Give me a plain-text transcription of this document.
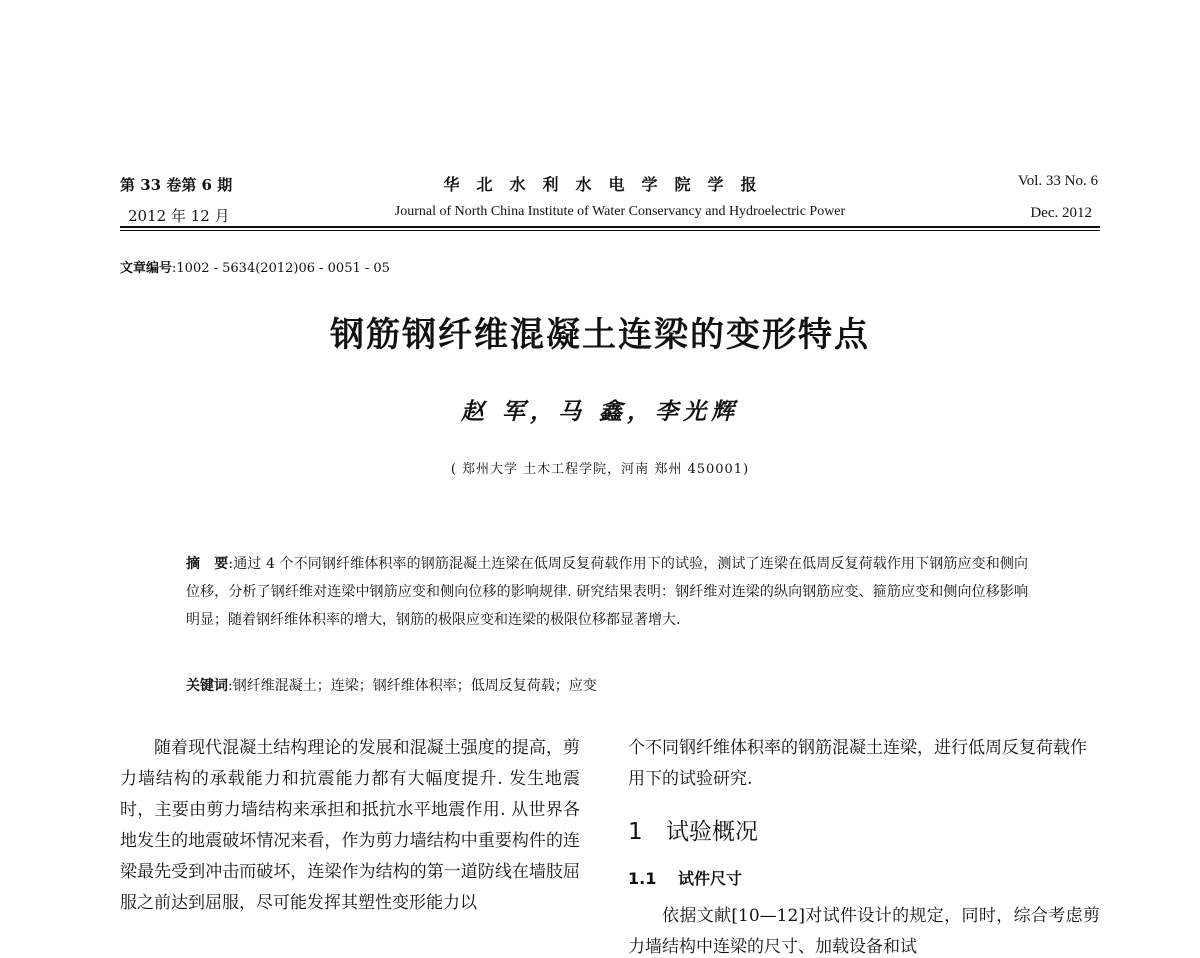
第 33 卷第 6 期
2012 年 12 月
华北水利水电学院学报
Journal of North China Institute of Water Conservancy and Hydroelectric Power
Vol. 33 No. 6
Dec. 2012
文章编号:1002 - 5634(2012)06 - 0051 - 05
钢筋钢纤维混凝土连梁的变形特点
赵 军，马 鑫，李光辉
( 郑州大学 土木工程学院，河南 郑州 450001)
摘　要:通过 4 个不同钢纤维体积率的钢筋混凝土连梁在低周反复荷载作用下的试验，测试了连梁在低周反复荷载作用下钢筋应变和侧向位移，分析了钢纤维对连梁中钢筋应变和侧向位移的影响规律. 研究结果表明：钢纤维对连梁的纵向钢筋应变、箍筋应变和侧向位移影响明显；随着钢纤维体积率的增大，钢筋的极限应变和连梁的极限位移都显著增大.
关键词:钢纤维混凝土；连梁；钢纤维体积率；低周反复荷载；应变
随着现代混凝土结构理论的发展和混凝土强度的提高，剪力墙结构的承载能力和抗震能力都有大幅度提升. 发生地震时，主要由剪力墙结构来承担和抵抗水平地震作用. 从世界各地发生的地震破坏情况来看，作为剪力墙结构中重要构件的连梁最先受到冲击而破坏，连梁作为结构的第一道防线在墙肢屈服之前达到屈服，尽可能发挥其塑性变形能力以
个不同钢纤维体积率的钢筋混凝土连梁，进行低周反复荷载作用下的试验研究.
1 试验概况
1.1 试件尺寸
依据文献[10—12]对试件设计的规定，同时，综合考虑剪力墙结构中连梁的尺寸、加载设备和试
